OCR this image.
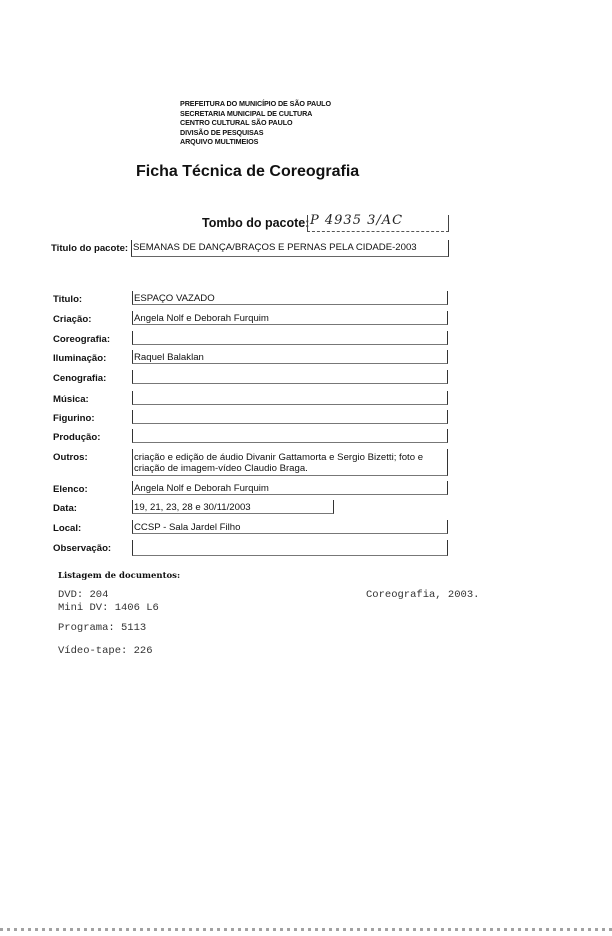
PREFEITURA DO MUNICÍPIO DE SÃO PAULO
SECRETARIA MUNICIPAL DE CULTURA
CENTRO CULTURAL SÃO PAULO
DIVISÃO DE PESQUISAS
ARQUIVO MULTIMEIOS
Ficha Técnica de Coreografia
Tombo do pacote: P 4935 3/AC
Titulo do pacote: SEMANAS DE DANÇA/BRAÇOS E PERNAS PELA CIDADE-2003
Titulo:	ESPAÇO VAZADO
Criação:	Angela Nolf e Deborah Furquim
Coreografia:
Iluminação:	Raquel Balaklan
Cenografia:
Música:
Figurino:
Produção:
Outros:	criação e edição de áudio Divanir Gattamorta e Sergio Bizetti; foto e criação de imagem-vídeo Claudio Braga.
Elenco:	Angela Nolf e Deborah Furquim
Data:	19, 21, 23, 28 e 30/11/2003
Local:	CCSP - Sala Jardel Filho
Observação:
Listagem de documentos:
DVD: 204
Mini DV: 1406 L6
Programa: 5113
Vídeo-tape: 226
Coreografia, 2003.
